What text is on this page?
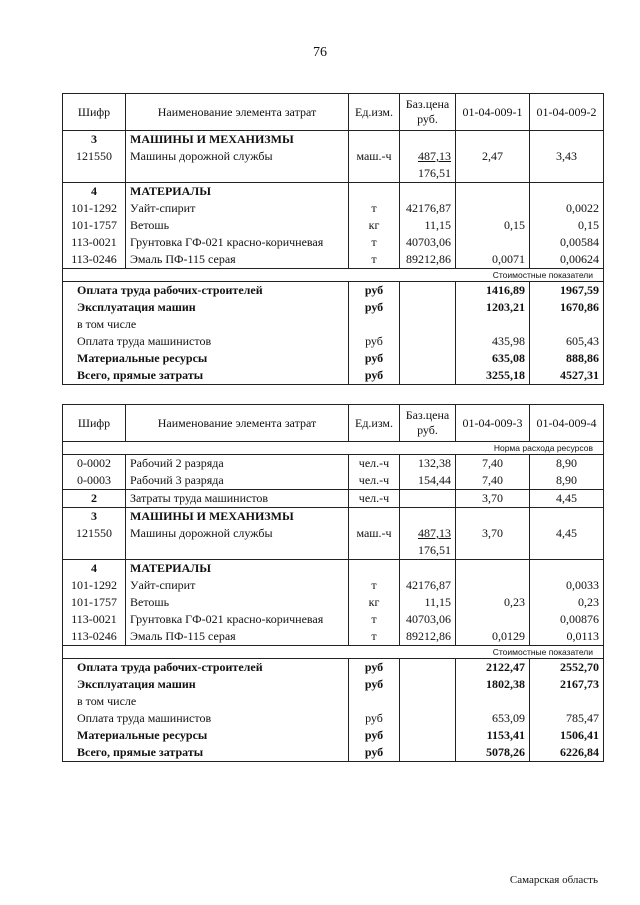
76
Шифр	Наименование элемента затрат	Ед.изм.	Баз.цена руб.	01-04-009-1	01-04-009-2
3	МАШИНЫ И МЕХАНИЗМЫ				
121550	Машины дорожной службы	маш.-ч	487,13	2,47	3,43
			176,51		
4	МАТЕРИАЛЫ				
101-1292	Уайт-спирит	т	42176,87		0,0022
101-1757	Ветошь	кг	11,15	0,15	0,15
113-0021	Грунтовка ГФ-021 красно-коричневая	т	40703,06		0,00584
113-0246	Эмаль ПФ-115 серая	т	89212,86	0,0071	0,00624
Стоимостные показатели					
Оплата труда рабочих-строителей		руб		1416,89	1967,59
Эксплуатация машин		руб		1203,21	1670,86
в том числе					
Оплата труда машинистов		руб		435,98	605,43
Материальные ресурсы		руб		635,08	888,86
Всего, прямые затраты		руб		3255,18	4527,31
Шифр	Наименование элемента затрат	Ед.изм.	Баз.цена руб.	01-04-009-3	01-04-009-4
Норма расхода ресурсов					
0-0002	Рабочий 2 разряда	чел.-ч	132,38	7,40	8,90
0-0003	Рабочий 3 разряда	чел.-ч	154,44	7,40	8,90
2	Затраты труда машинистов	чел.-ч		3,70	4,45
3	МАШИНЫ И МЕХАНИЗМЫ				
121550	Машины дорожной службы	маш.-ч	487,13	3,70	4,45
			176,51		
4	МАТЕРИАЛЫ				
101-1292	Уайт-спирит	т	42176,87		0,0033
101-1757	Ветошь	кг	11,15	0,23	0,23
113-0021	Грунтовка ГФ-021 красно-коричневая	т	40703,06		0,00876
113-0246	Эмаль ПФ-115 серая	т	89212,86	0,0129	0,0113
Стоимостные показатели					
Оплата труда рабочих-строителей		руб		2122,47	2552,70
Эксплуатация машин		руб		1802,38	2167,73
в том числе					
Оплата труда машинистов		руб		653,09	785,47
Материальные ресурсы		руб		1153,41	1506,41
Всего, прямые затраты		руб		5078,26	6226,84
Самарская область
